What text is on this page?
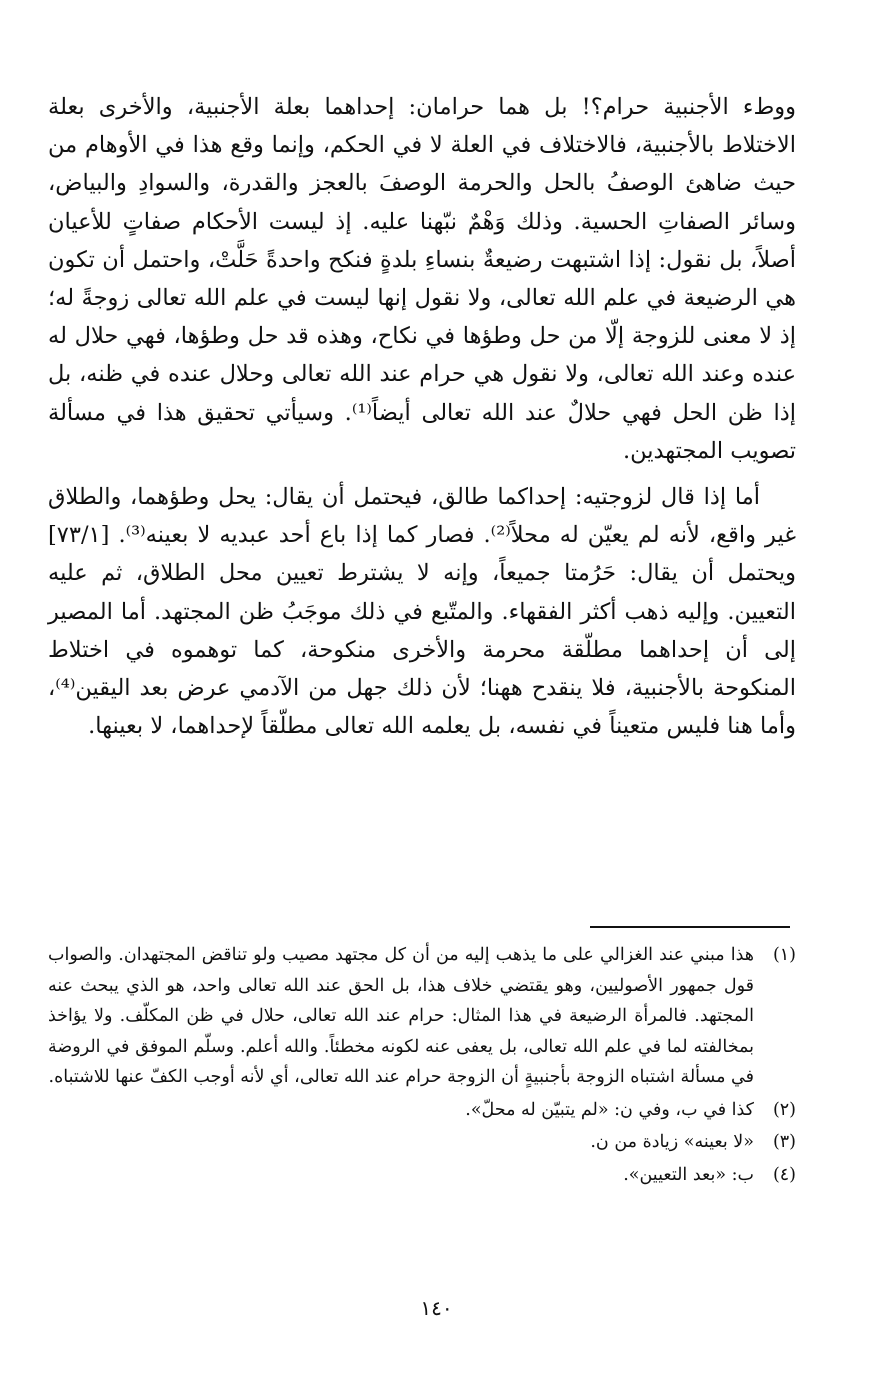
ووطء الأجنبية حرام؟! بل هما حرامان: إحداهما بعلة الأجنبية، والأخرى بعلة الاختلاط بالأجنبية، فالاختلاف في العلة لا في الحكم، وإنما وقع هذا في الأوهام من حيث ضاهئ الوصفُ بالحل والحرمة الوصفَ بالعجز والقدرة، والسوادِ والبياض، وسائر الصفاتِ الحسية. وذلك وَهْمٌ نبّهنا عليه. إذ ليست الأحكام صفاتٍ للأعيان أصلاً، بل نقول: إذا اشتبهت رضيعةٌ بنساءِ بلدةٍ فنكح واحدةً حَلَّتْ، واحتمل أن تكون هي الرضيعة في علم الله تعالى، ولا نقول إنها ليست في علم الله تعالى زوجةً له؛ إذ لا معنى للزوجة إلّا من حل وطؤها في نكاح، وهذه قد حل وطؤها، فهي حلال له عنده وعند الله تعالى، ولا نقول هي حرام عند الله تعالى وحلال عنده في ظنه، بل إذا ظن الحل فهي حلالٌ عند الله تعالى أيضاً⁽¹⁾. وسيأتي تحقيق هذا في مسألة تصويب المجتهدين.

أما إذا قال لزوجتيه: إحداكما طالق، فيحتمل أن يقال: يحل وطؤهما، والطلاق غير واقع، لأنه لم يعيّن له محلاً⁽²⁾. فصار كما إذا باع أحد عبديه لا بعينه⁽³⁾. [٧٣/١] ويحتمل أن يقال: حَرُمتا جميعاً، وإنه لا يشترط تعيين محل الطلاق، ثم عليه التعيين. وإليه ذهب أكثر الفقهاء. والمتّبع في ذلك موجَبُ ظن المجتهد. أما المصير إلى أن إحداهما مطلّقة محرمة والأخرى منكوحة، كما توهموه في اختلاط المنكوحة بالأجنبية، فلا ينقدح ههنا؛ لأن ذلك جهل من الآدمي عرض بعد اليقين⁽⁴⁾، وأما هنا فليس متعيناً في نفسه، بل يعلمه الله تعالى مطلّقاً لإحداهما، لا بعينها.

(١)
هذا مبني عند الغزالي على ما يذهب إليه من أن كل مجتهد مصيب ولو تناقض المجتهدان. والصواب قول جمهور الأصوليين، وهو يقتضي خلاف هذا، بل الحق عند الله تعالى واحد، هو الذي يبحث عنه المجتهد. فالمرأة الرضيعة في هذا المثال: حرام عند الله تعالى، حلال في ظن المكلّف. ولا يؤاخذ بمخالفته لما في علم الله تعالى، بل يعفى عنه لكونه مخطئاً. والله أعلم. وسلّم الموفق في الروضة في مسألة اشتباه الزوجة بأجنبيةٍ أن الزوجة حرام عند الله تعالى، أي لأنه أوجب الكفّ عنها للاشتباه.
(٢)
كذا في ب، وفي ن: «لم يتبيّن له محلّ».
(٣)
«لا بعينه» زيادة من ن.
(٤)
ب: «بعد التعيين».
١٤٠
